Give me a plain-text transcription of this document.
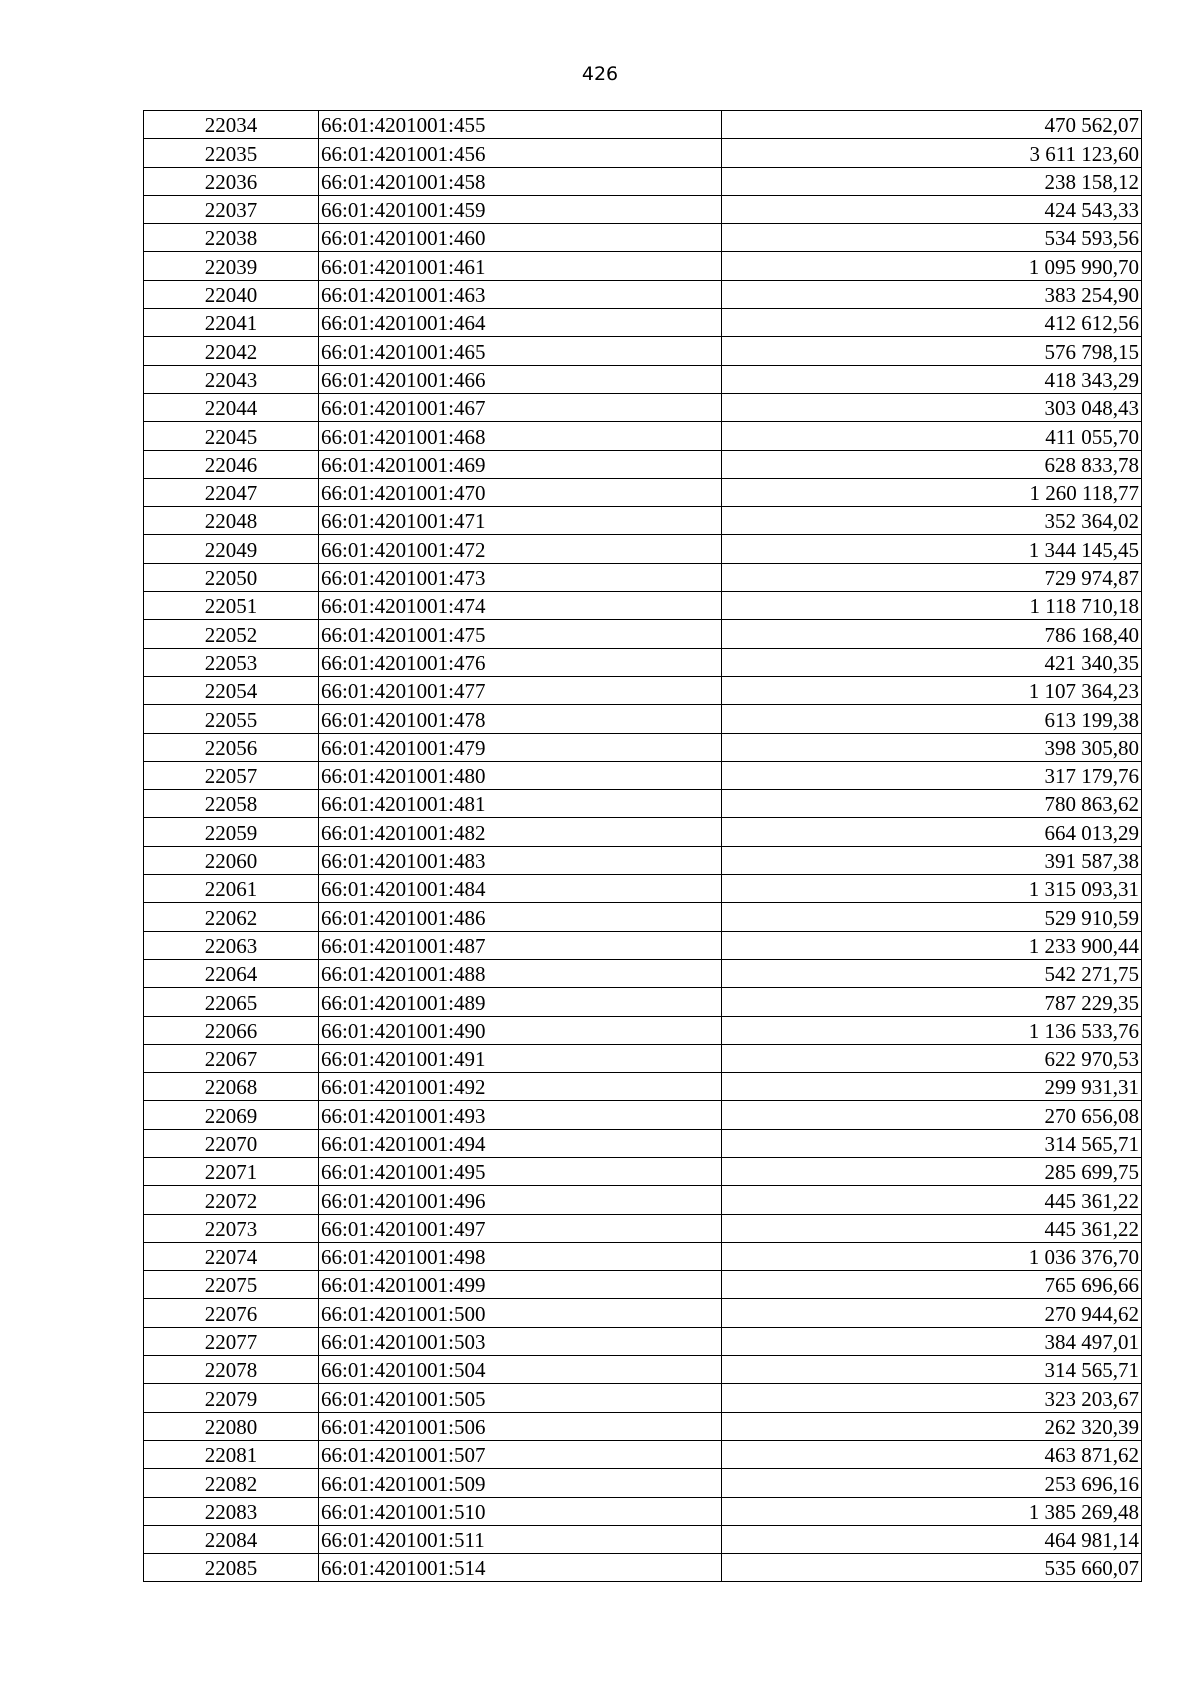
426
22034	66:01:4201001:455	470 562,07
22035	66:01:4201001:456	3 611 123,60
22036	66:01:4201001:458	238 158,12
22037	66:01:4201001:459	424 543,33
22038	66:01:4201001:460	534 593,56
22039	66:01:4201001:461	1 095 990,70
22040	66:01:4201001:463	383 254,90
22041	66:01:4201001:464	412 612,56
22042	66:01:4201001:465	576 798,15
22043	66:01:4201001:466	418 343,29
22044	66:01:4201001:467	303 048,43
22045	66:01:4201001:468	411 055,70
22046	66:01:4201001:469	628 833,78
22047	66:01:4201001:470	1 260 118,77
22048	66:01:4201001:471	352 364,02
22049	66:01:4201001:472	1 344 145,45
22050	66:01:4201001:473	729 974,87
22051	66:01:4201001:474	1 118 710,18
22052	66:01:4201001:475	786 168,40
22053	66:01:4201001:476	421 340,35
22054	66:01:4201001:477	1 107 364,23
22055	66:01:4201001:478	613 199,38
22056	66:01:4201001:479	398 305,80
22057	66:01:4201001:480	317 179,76
22058	66:01:4201001:481	780 863,62
22059	66:01:4201001:482	664 013,29
22060	66:01:4201001:483	391 587,38
22061	66:01:4201001:484	1 315 093,31
22062	66:01:4201001:486	529 910,59
22063	66:01:4201001:487	1 233 900,44
22064	66:01:4201001:488	542 271,75
22065	66:01:4201001:489	787 229,35
22066	66:01:4201001:490	1 136 533,76
22067	66:01:4201001:491	622 970,53
22068	66:01:4201001:492	299 931,31
22069	66:01:4201001:493	270 656,08
22070	66:01:4201001:494	314 565,71
22071	66:01:4201001:495	285 699,75
22072	66:01:4201001:496	445 361,22
22073	66:01:4201001:497	445 361,22
22074	66:01:4201001:498	1 036 376,70
22075	66:01:4201001:499	765 696,66
22076	66:01:4201001:500	270 944,62
22077	66:01:4201001:503	384 497,01
22078	66:01:4201001:504	314 565,71
22079	66:01:4201001:505	323 203,67
22080	66:01:4201001:506	262 320,39
22081	66:01:4201001:507	463 871,62
22082	66:01:4201001:509	253 696,16
22083	66:01:4201001:510	1 385 269,48
22084	66:01:4201001:511	464 981,14
22085	66:01:4201001:514	535 660,07
